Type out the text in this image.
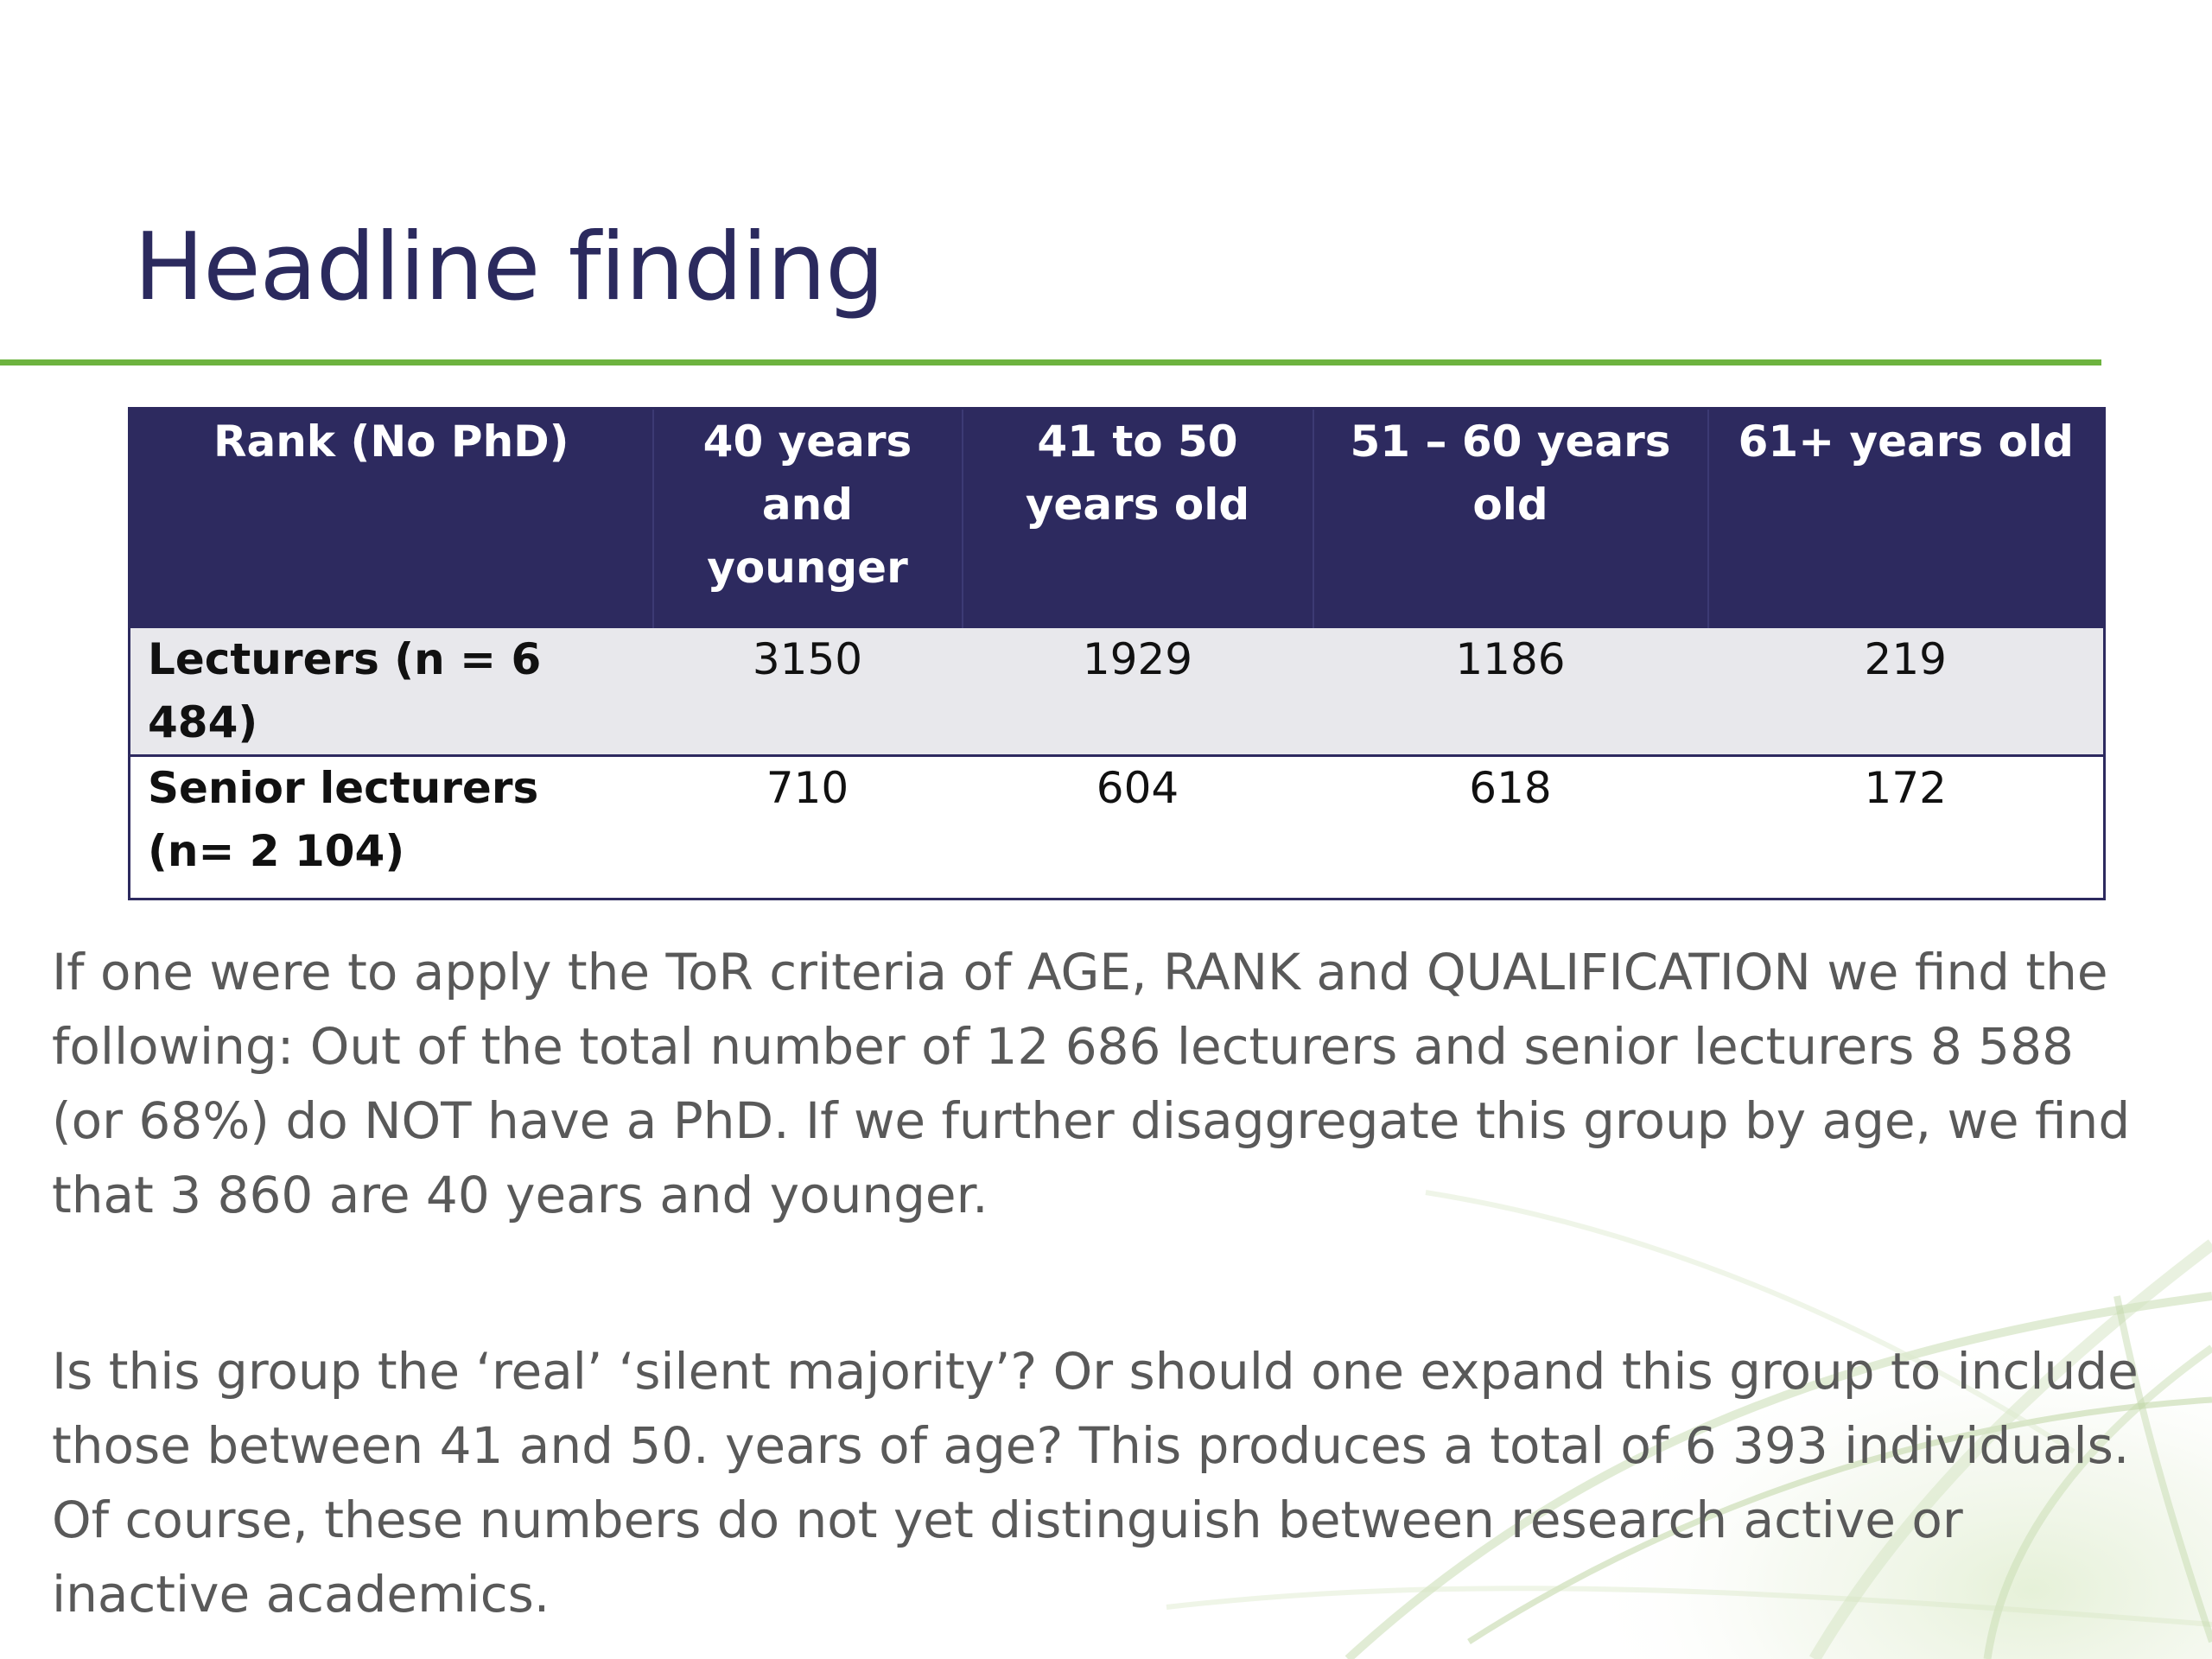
Headline finding
Rank (No PhD)	40 years and younger	41 to 50 years old	51 – 60 years old	61+ years old
Lecturers (n = 6 484)	3150	1929	1186	219
Senior lecturers (n= 2 104)	710	604	618	172

If one were to apply the ToR criteria of AGE, RANK and QUALIFICATION we find the following: Out of the total number of 12 686 lecturers and senior lecturers 8 588 (or 68%) do NOT have a PhD. If we further disaggregate this group by age, we find that 3 860 are 40 years and younger.

Is this group the ‘real’ ‘silent majority’? Or should one expand this group to include those between 41 and 50. years of age? This produces a total of 6 393 individuals. Of course, these numbers do not yet distinguish between research active or inactive academics.
